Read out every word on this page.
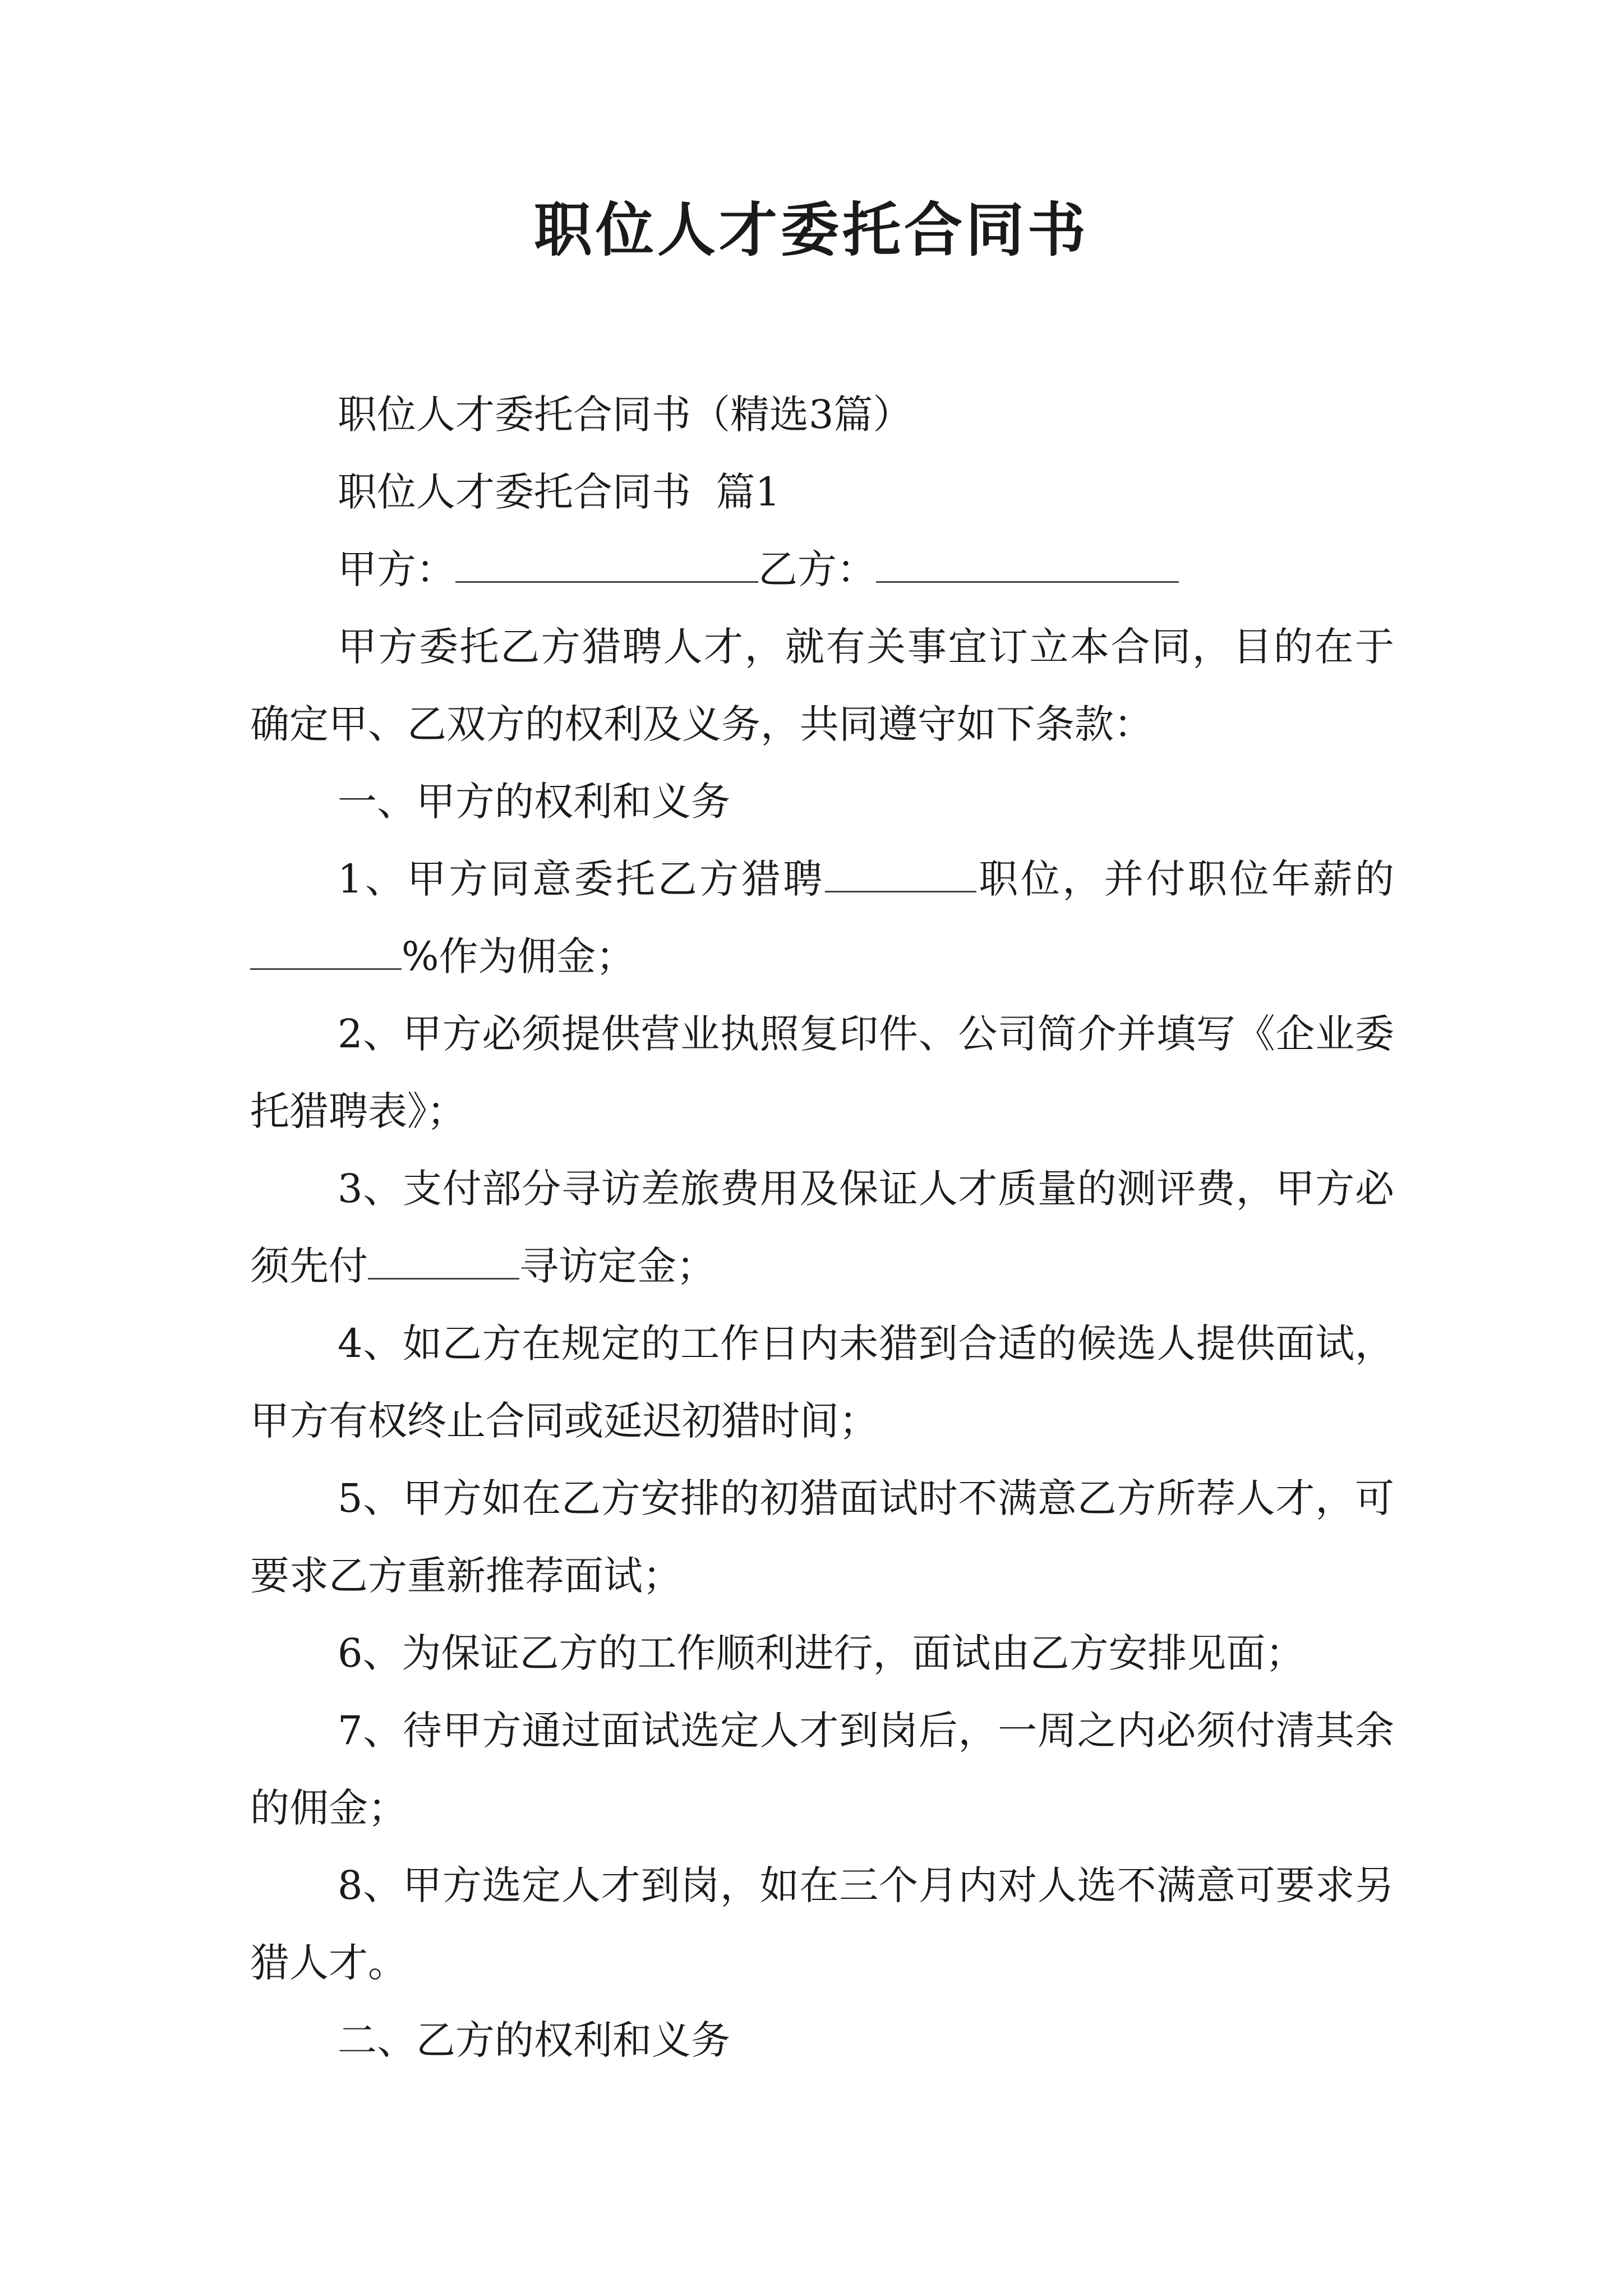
职位人才委托合同书

职位人才委托合同书（精选3篇）

职位人才委托合同书  篇1

甲方：	乙方：

甲方委托乙方猎聘人才，就有关事宜订立本合同，目的在于确定甲、乙双方的权利及义务，共同遵守如下条款：

一、甲方的权利和义务

1、甲方同意委托乙方猎聘	职位，并付职位年薪的%作为佣金；

2、甲方必须提供营业执照复印件、公司简介并填写《企业委托猎聘表》；

3、支付部分寻访差旅费用及保证人才质量的测评费，甲方必须先付	寻访定金；

4、如乙方在规定的工作日内未猎到合适的候选人提供面试，甲方有权终止合同或延迟初猎时间；

5、甲方如在乙方安排的初猎面试时不满意乙方所荐人才，可要求乙方重新推荐面试；

6、为保证乙方的工作顺利进行，面试由乙方安排见面；

7、待甲方通过面试选定人才到岗后，一周之内必须付清其余的佣金；

8、甲方选定人才到岗，如在三个月内对人选不满意可要求另猎人才。

二、乙方的权利和义务
